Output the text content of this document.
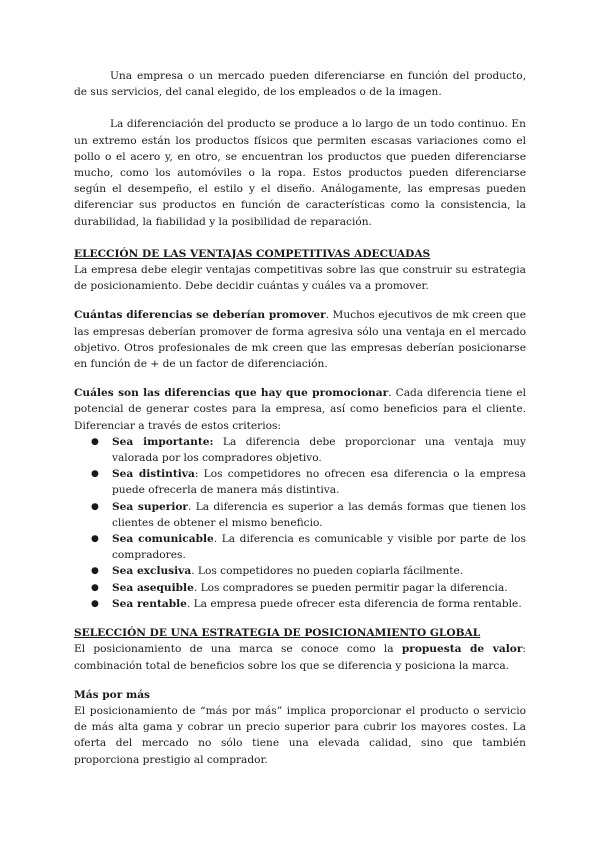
Una empresa o un mercado pueden diferenciarse en función del producto, de sus servicios, del canal elegido, de los empleados o de la imagen.

La diferenciación del producto se produce a lo largo de un todo continuo. En un extremo están los productos físicos que permiten escasas variaciones como el pollo o el acero y, en otro, se encuentran los productos que pueden diferenciarse mucho, como los automóviles o la ropa. Estos productos pueden diferenciarse según el desempeño, el estilo y el diseño. Análogamente, las empresas pueden diferenciar sus productos en función de características como la consistencia, la durabilidad, la fiabilidad y la posibilidad de reparación.

ELECCIÓN DE LAS VENTAJAS COMPETITIVAS ADECUADAS

La empresa debe elegir ventajas competitivas sobre las que construir su estrategia de posicionamiento. Debe decidir cuántas y cuáles va a promover.

Cuántas diferencias se deberían promover. Muchos ejecutivos de mk creen que las empresas deberían promover de forma agresiva sólo una ventaja en el mercado objetivo. Otros profesionales de mk creen que las empresas deberían posicionarse en función de + de un factor de diferenciación.

Cuáles son las diferencias que hay que promocionar. Cada diferencia tiene el potencial de generar costes para la empresa, así como beneficios para el cliente. Diferenciar a través de estos criterios:

● Sea importante: La diferencia debe proporcionar una ventaja muy valorada por los compradores objetivo.
● Sea distintiva: Los competidores no ofrecen esa diferencia o la empresa puede ofrecerla de manera más distintiva.
● Sea superior. La diferencia es superior a las demás formas que tienen los clientes de obtener el mismo beneficio.
● Sea comunicable. La diferencia es comunicable y visible por parte de los compradores.
● Sea exclusiva. Los competidores no pueden copiarla fácilmente.
● Sea asequible. Los compradores se pueden permitir pagar la diferencia.
● Sea rentable. La empresa puede ofrecer esta diferencia de forma rentable.

SELECCIÓN DE UNA ESTRATEGIA DE POSICIONAMIENTO GLOBAL

El posicionamiento de una marca se conoce como la propuesta de valor: combinación total de beneficios sobre los que se diferencia y posiciona la marca.

Más por más

El posicionamiento de “más por más” implica proporcionar el producto o servicio de más alta gama y cobrar un precio superior para cubrir los mayores costes. La oferta del mercado no sólo tiene una elevada calidad, sino que también proporciona prestigio al comprador.
